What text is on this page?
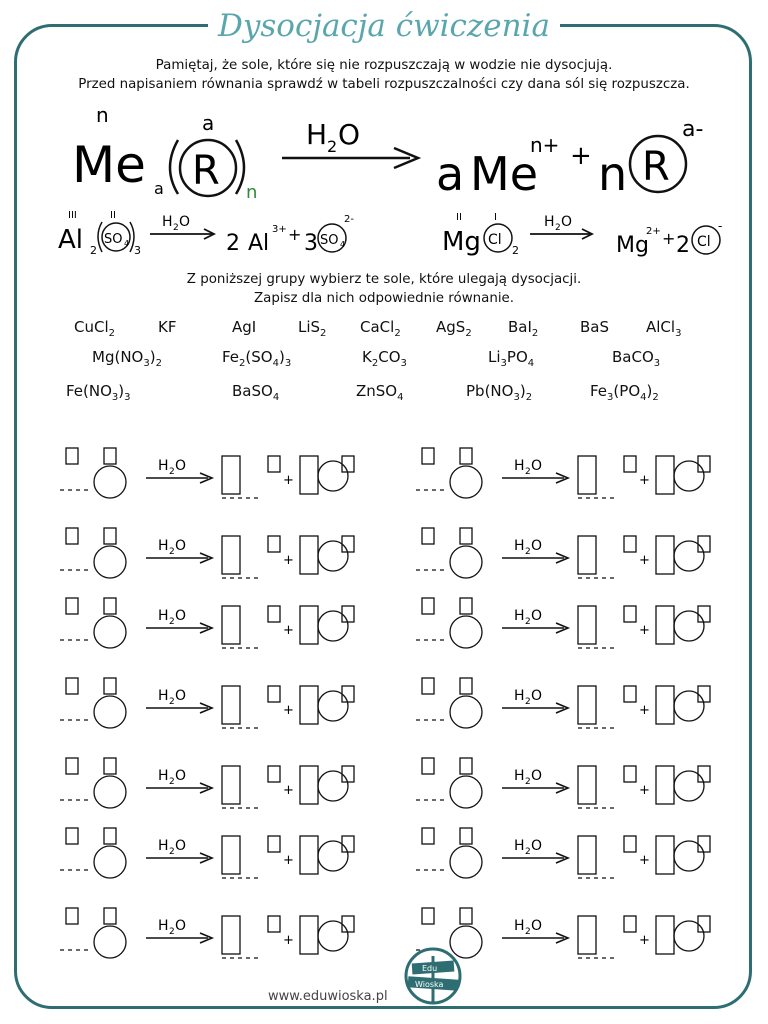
Dysocjacja ćwiczenia
Pamiętaj, że sole, które się nie rozpuszczają w wodzie nie dysocjują.
Przed napisaniem równania sprawdź w tabeli rozpuszczalności czy dana sól się rozpuszcza.
n	a
Me a R n
H 2 O
a Me
n+ + n R
a-
III	II
Al 2
SO 4
3
H 2 O
2 Al
3+ + 3 SO 4
2-	II	I
Mg Cl
2
H 2 O
Mg
2+ + 2 Cl
-
Z poniższej grupy wybierz te sole, które ulegają dysocjacji.
Zapisz dla nich odpowiednie równanie.
CuCl$_2$	KF	AgI	LiS$_2$ CaCl$_2$ AgS$_2$ BaI$_2$	BaS AlCl$_3$
$Mg(NO_3)_2$	$Fe_2(SO_4)_3$	$K_2CO_3$	$Li_3PO_4$	BaCO$_3$
$Fe(NO_3)_3$	BaSO$_4$	ZnSO$_4$	$Pb(NO_3)_2$	$Fe_3(PO_4)_2$
H 2 O
+
H 2 O
+
H 2 O
+
H 2 O
+
H 2 O
+
H 2 O
+
H 2 O
+
H 2 O
+
H 2 O
+
H 2 O
+
H 2 O
+
H 2 O
+
H 2 O
+
H 2 O
+
Edu
Wioska
www.eduwioska.pl
